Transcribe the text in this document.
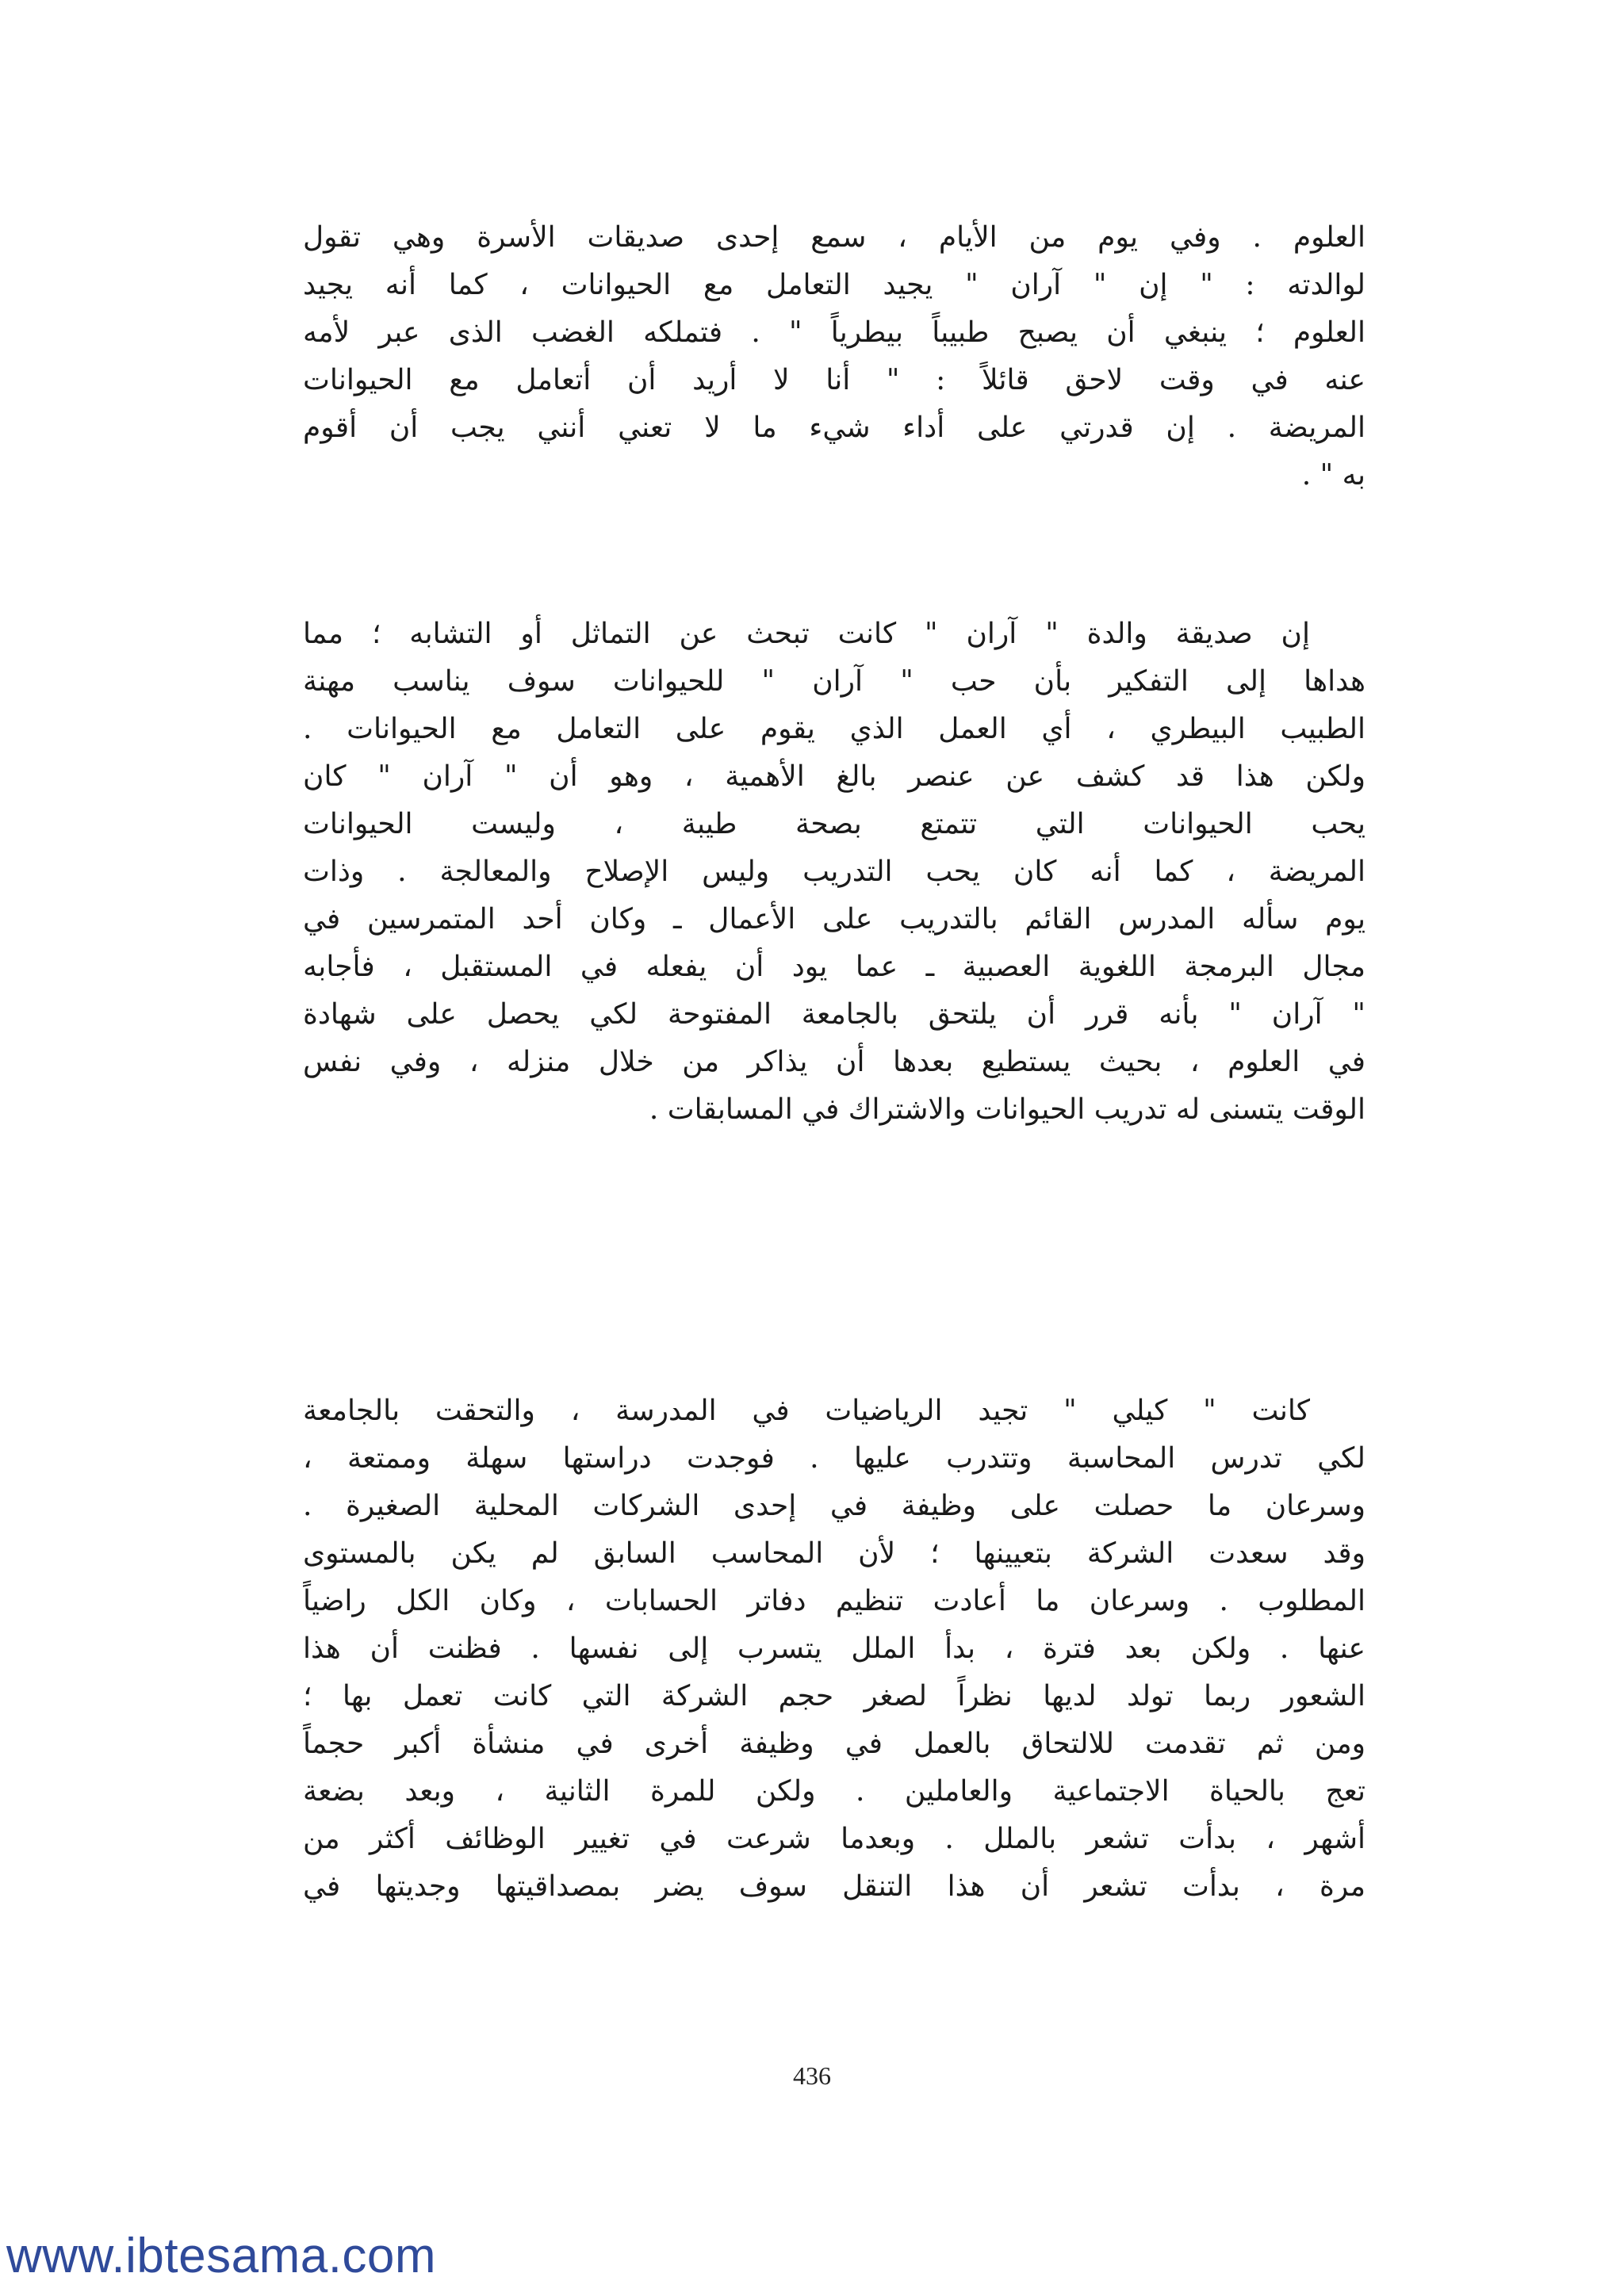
العلوم . وفي يوم من الأيام ، سمع إحدى صديقات الأسرة وهي تقول
لوالدته : " إن " آران " يجيد التعامل مع الحيوانات ، كما أنه يجيد
العلوم ؛ ينبغي أن يصبح طبيباً بيطرياً " . فتملكه الغضب الذى عبر لأمه
عنه في وقت لاحق قائلاً : " أنا لا أريد أن أتعامل مع الحيوانات
المريضة . إن قدرتي على أداء شيء ما لا تعني أنني يجب أن أقوم
به " .
إن صديقة والدة " آران " كانت تبحث عن التماثل أو التشابه ؛ مما
هداها إلى التفكير بأن حب " آران " للحيوانات سوف يناسب مهنة
الطبيب البيطري ، أي العمل الذي يقوم على التعامل مع الحيوانات .
ولكن هذا قد كشف عن عنصر بالغ الأهمية ، وهو أن " آران " كان
يحب الحيوانات التي تتمتع بصحة طيبة ، وليست الحيوانات
المريضة ، كما أنه كان يحب التدريب وليس الإصلاح والمعالجة . وذات
يوم سأله المدرس القائم بالتدريب على الأعمال ـ وكان أحد المتمرسين في
مجال البرمجة اللغوية العصبية ـ عما يود أن يفعله في المستقبل ، فأجابه
" آران " بأنه قرر أن يلتحق بالجامعة المفتوحة لكي يحصل على شهادة
في العلوم ، بحيث يستطيع بعدها أن يذاكر من خلال منزله ، وفي نفس
الوقت يتسنى له تدريب الحيوانات والاشتراك في المسابقات .
كانت " كيلي " تجيد الرياضيات في المدرسة ، والتحقت بالجامعة
لكي تدرس المحاسبة وتتدرب عليها . فوجدت دراستها سهلة وممتعة ،
وسرعان ما حصلت على وظيفة في إحدى الشركات المحلية الصغيرة .
وقد سعدت الشركة بتعيينها ؛ لأن المحاسب السابق لم يكن بالمستوى
المطلوب . وسرعان ما أعادت تنظيم دفاتر الحسابات ، وكان الكل راضياً
عنها . ولكن بعد فترة ، بدأ الملل يتسرب إلى نفسها . فظنت أن هذا
الشعور ربما تولد لديها نظراً لصغر حجم الشركة التي كانت تعمل بها ؛
ومن ثم تقدمت للالتحاق بالعمل في وظيفة أخرى في منشأة أكبر حجماً
تعج بالحياة الاجتماعية والعاملين . ولكن للمرة الثانية ، وبعد بضعة
أشهر ، بدأت تشعر بالملل . وبعدما شرعت في تغيير الوظائف أكثر من
مرة ، بدأت تشعر أن هذا التنقل سوف يضر بمصداقيتها وجديتها في
436
www.ibtesama.com
